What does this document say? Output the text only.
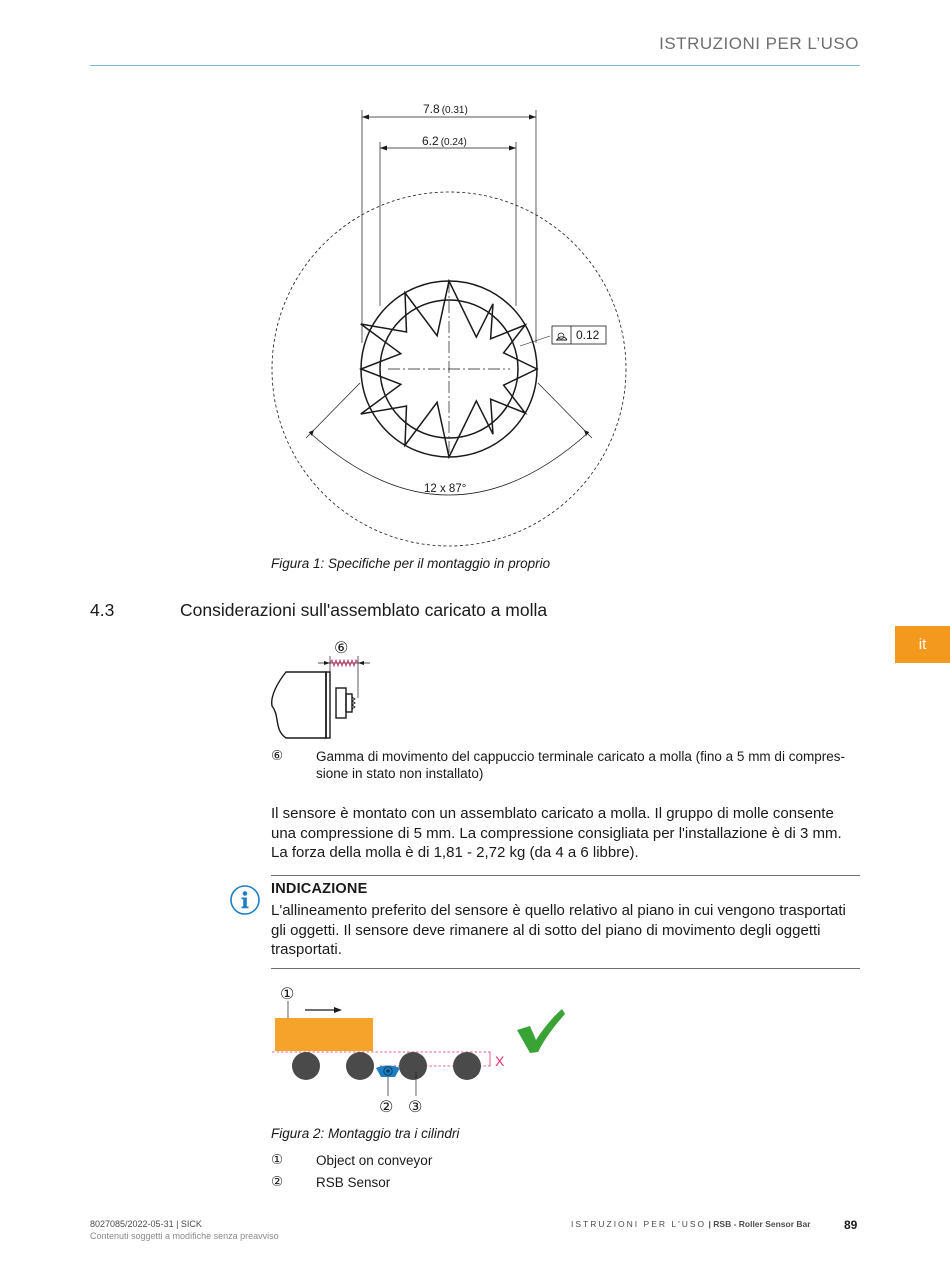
ISTRUZIONI PER L’USO
it
7.8 (0.31)
6.2 (0.24)
0.12
12 x 87°
Figura 1: Specifiche per il montaggio in proprio
4.3	Considerazioni sull'assemblato caricato a molla
⑥
⑥	Gamma di movimento del cappuccio terminale caricato a molla (fino a 5 mm di compressione in stato non installato)
Il sensore è montato con un assemblato caricato a molla. Il gruppo di molle consente una compressione di 5 mm. La compressione consigliata per l'installazione è di 3 mm. La forza della molla è di 1,81 - 2,72 kg (da 4 a 6 libbre).
INDICAZIONE
L'allineamento preferito del sensore è quello relativo al piano in cui vengono trasportati gli oggetti. Il sensore deve rimanere al di sotto del piano di movimento degli oggetti trasportati.
①
X
② ③
Figura 2: Montaggio tra i cilindri
①	Object on conveyor
②	RSB Sensor
8027085/2022-05-31 | SICK
Contenuti soggetti a modifiche senza preavviso
ISTRUZIONI PER L'USO | RSB - Roller Sensor Bar	89
